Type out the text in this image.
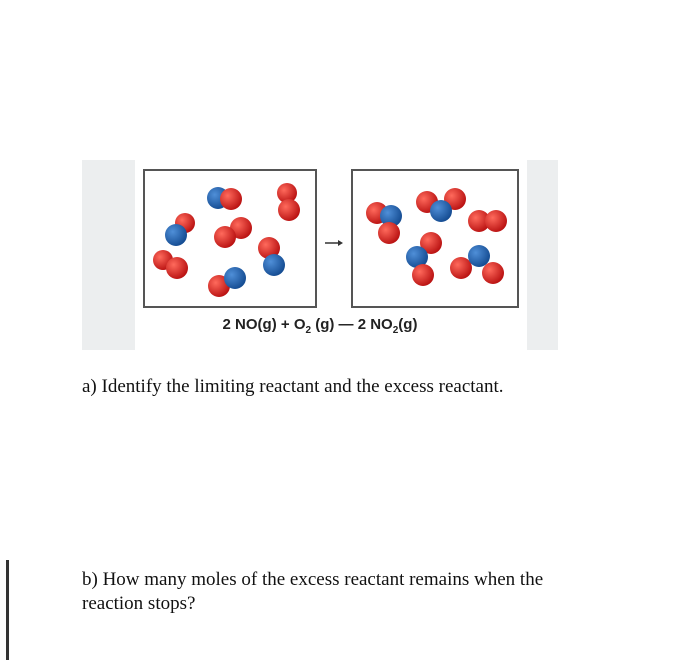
2 $NO(g) + O_2$ (g) — 2 $NO_2(g)$
a) Identify the limiting reactant and the excess reactant.
b) How many moles of the excess reactant remains when the reaction stops?
